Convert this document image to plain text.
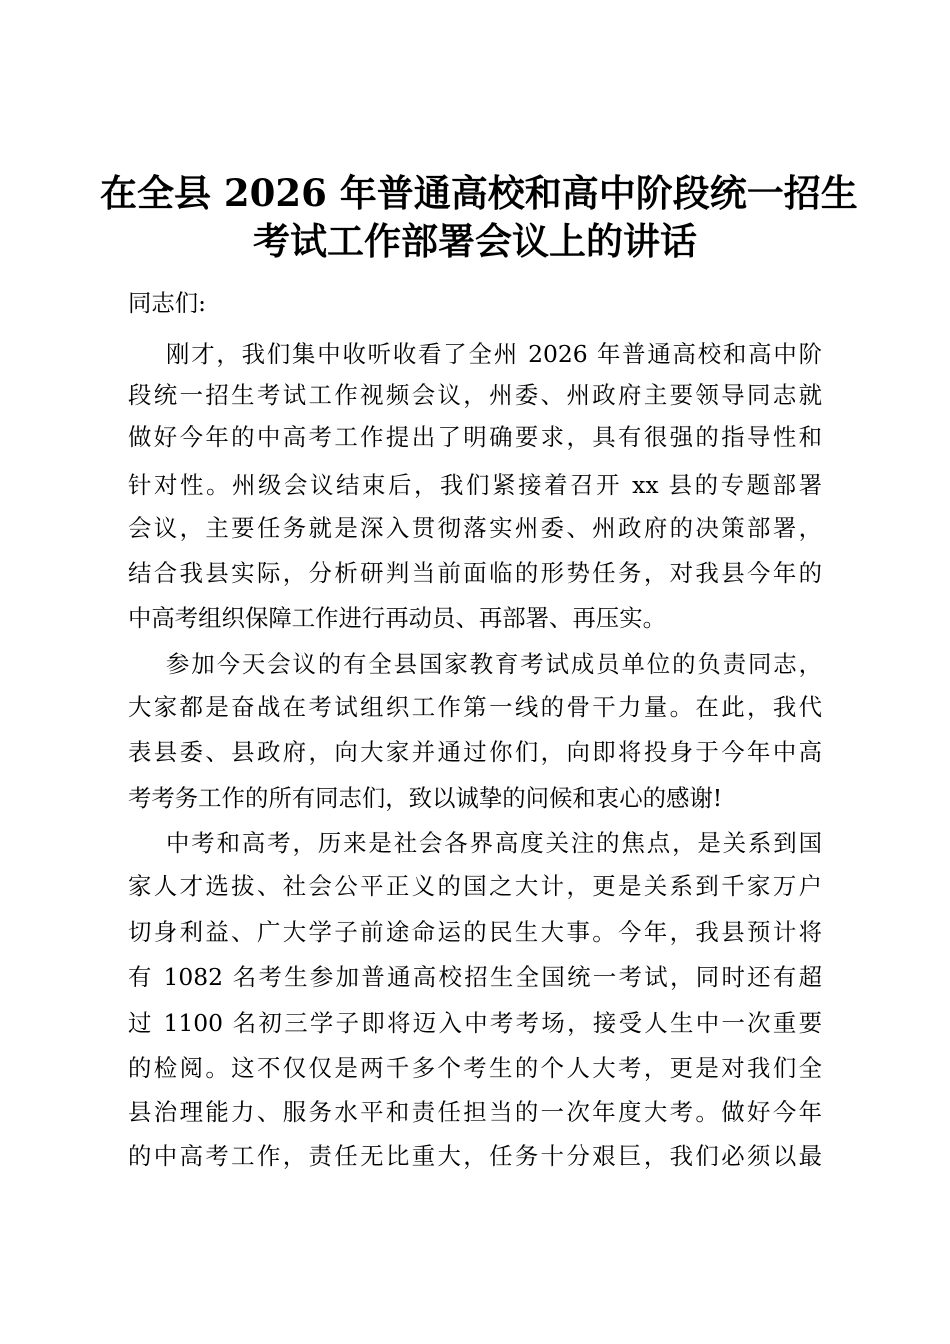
在全县 2026 年普通高校和高中阶段统一招生
考试工作部署会议上的讲话
同志们:
刚才，我们集中收听收看了全州 2026 年普通高校和高中阶
段统一招生考试工作视频会议，州委、州政府主要领导同志就
做好今年的中高考工作提出了明确要求，具有很强的指导性和
针对性。州级会议结束后，我们紧接着召开 xx 县的专题部署
会议，主要任务就是深入贯彻落实州委、州政府的决策部署，
结合我县实际，分析研判当前面临的形势任务，对我县今年的
中高考组织保障工作进行再动员、再部署、再压实。
参加今天会议的有全县国家教育考试成员单位的负责同志，
大家都是奋战在考试组织工作第一线的骨干力量。在此，我代
表县委、县政府，向大家并通过你们，向即将投身于今年中高
考考务工作的所有同志们，致以诚挚的问候和衷心的感谢!
中考和高考，历来是社会各界高度关注的焦点，是关系到国
家人才选拔、社会公平正义的国之大计，更是关系到千家万户
切身利益、广大学子前途命运的民生大事。今年，我县预计将
有 1082 名考生参加普通高校招生全国统一考试，同时还有超
过 1100 名初三学子即将迈入中考考场，接受人生中一次重要
的检阅。这不仅仅是两千多个考生的个人大考，更是对我们全
县治理能力、服务水平和责任担当的一次年度大考。做好今年
的中高考工作，责任无比重大，任务十分艰巨，我们必须以最
